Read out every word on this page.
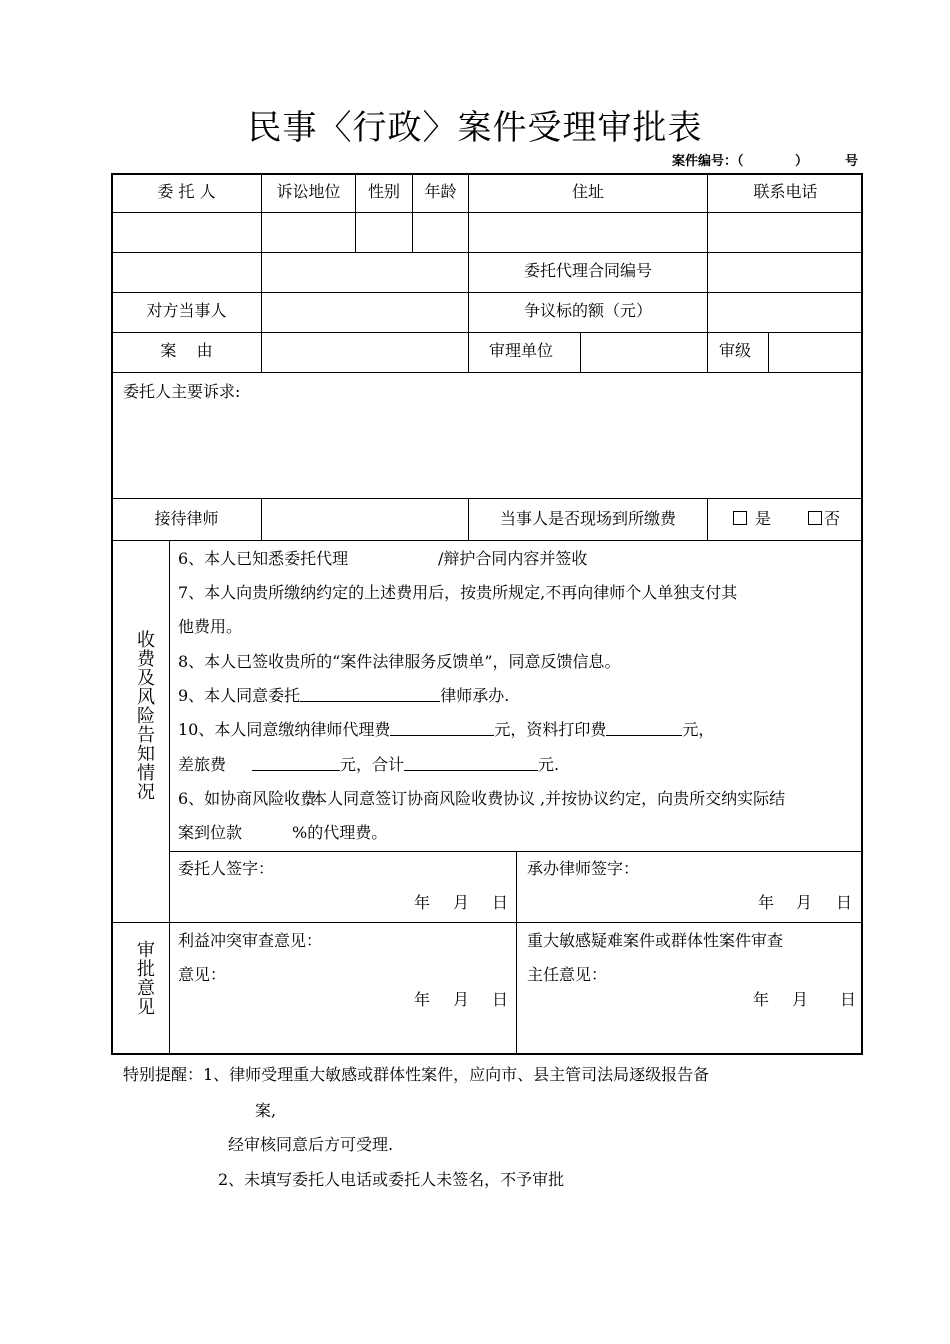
民事〈行政〉案件受理审批表
案件编号：（	）	号
委 托 人	诉讼地位	性别	年龄	住址	联系电话
委托代理合同编号
对方当事人	争议标的额（元）
案    由	审理单位	审级
委托人主要诉求:
接待律师	当事人是否现场到所缴费	是	否
收费及风险告知情况
6、本人已知悉委托代理	/辩护合同内容并签收
7、本人向贵所缴纳约定的上述费用后，按贵所规定,不再向律师个人单独支付其
他费用。
8、本人已签收贵所的“案件法律服务反馈单”，同意反馈信息。
9、本人同意委托	律师承办.
10、本人同意缴纳律师代理费	元，资料打印费	元，
差旅费	元，合计	元.
6、如协商风险收费
,本人同意签订协商风险收费协议 ,并按协议约定，向贵所交纳实际结
案到位款	%的代理费。
委托人签字：	承办律师签字：
年 月 日	年 月 日
审批意见 利益冲突审查意见：	重大敏感疑难案件或群体性案件审查
意见：	主任意见：
年 月 日	年 月 日
特别提醒：1、律师受理重大敏感或群体性案件，应向市、县主管司法局逐级报告备
案,
经审核同意后方可受理.
2、未填写委托人电话或委托人未签名，不予审批
